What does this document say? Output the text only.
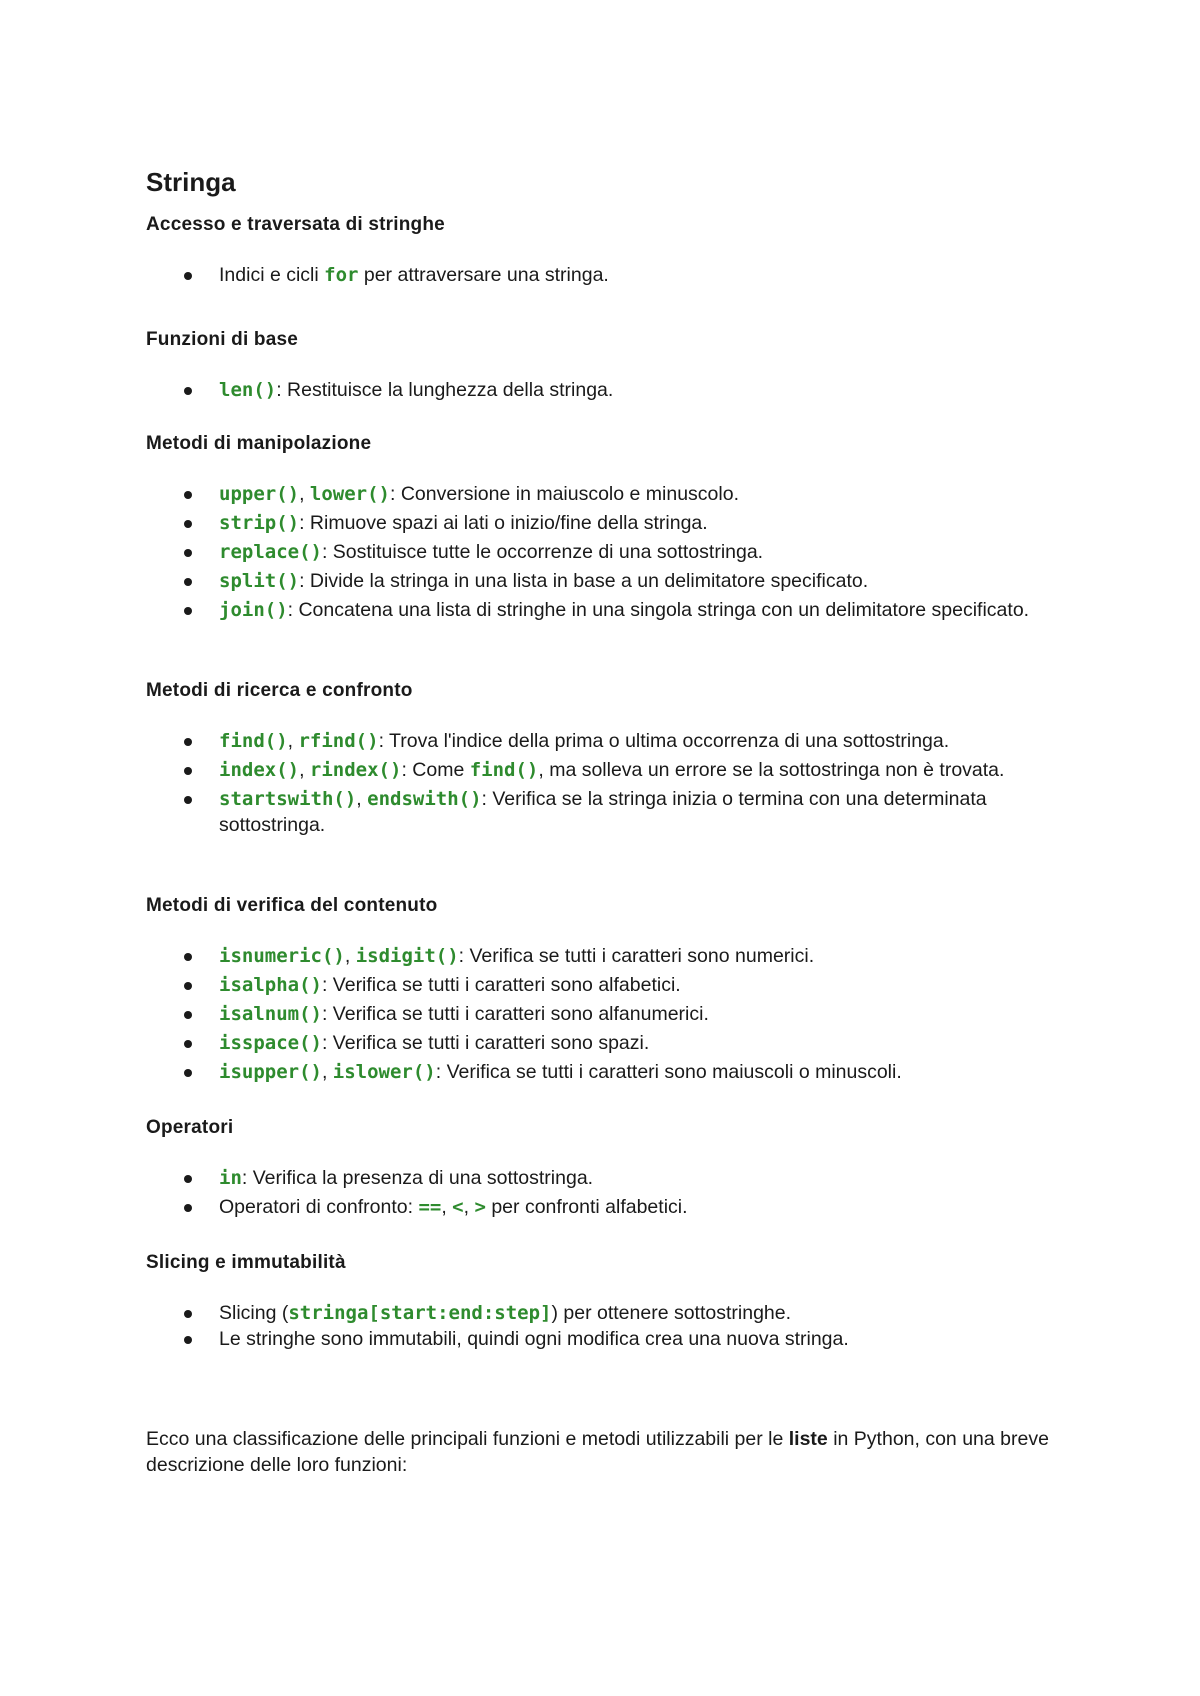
Stringa
Accesso e traversata di stringhe
Indici e cicli for per attraversare una stringa.
Funzioni di base
len(): Restituisce la lunghezza della stringa.
Metodi di manipolazione
upper(), lower(): Conversione in maiuscolo e minuscolo.
strip(): Rimuove spazi ai lati o inizio/fine della stringa.
replace(): Sostituisce tutte le occorrenze di una sottostringa.
split(): Divide la stringa in una lista in base a un delimitatore specificato.
join(): Concatena una lista di stringhe in una singola stringa con un delimitatore specificato.
Metodi di ricerca e confronto
find(), rfind(): Trova l'indice della prima o ultima occorrenza di una sottostringa.
index(), rindex(): Come find(), ma solleva un errore se la sottostringa non è trovata.
startswith(), endswith(): Verifica se la stringa inizia o termina con una determinata sottostringa.
Metodi di verifica del contenuto
isnumeric(), isdigit(): Verifica se tutti i caratteri sono numerici.
isalpha(): Verifica se tutti i caratteri sono alfabetici.
isalnum(): Verifica se tutti i caratteri sono alfanumerici.
isspace(): Verifica se tutti i caratteri sono spazi.
isupper(), islower(): Verifica se tutti i caratteri sono maiuscoli o minuscoli.
Operatori
in: Verifica la presenza di una sottostringa.
Operatori di confronto: ==, <, > per confronti alfabetici.
Slicing e immutabilità
Slicing (stringa[start:end:step]) per ottenere sottostringhe.
Le stringhe sono immutabili, quindi ogni modifica crea una nuova stringa.

Ecco una classificazione delle principali funzioni e metodi utilizzabili per le liste in Python, con una breve descrizione delle loro funzioni:
